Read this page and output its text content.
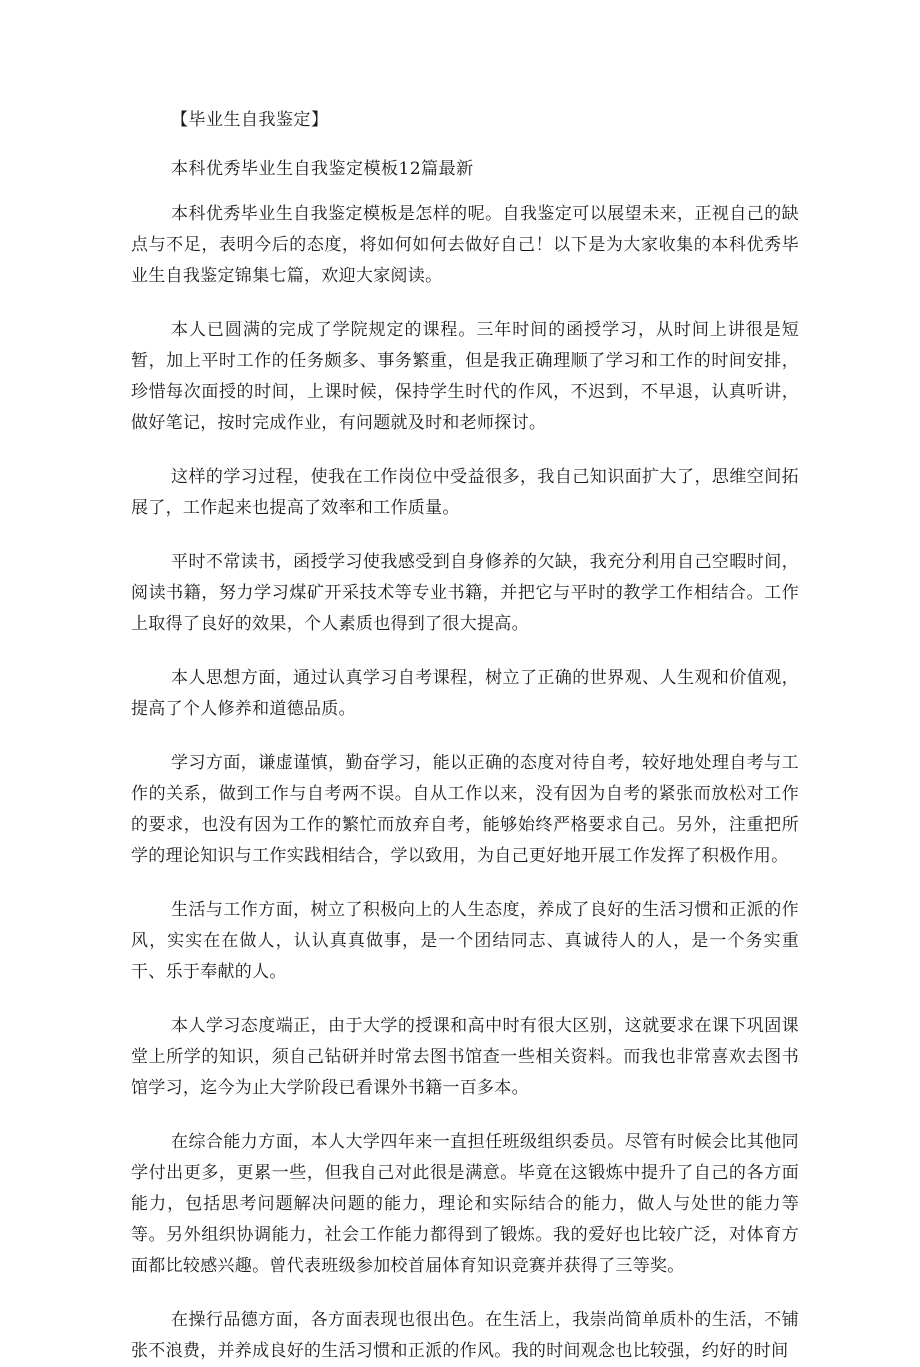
【毕业生自我鉴定】
本科优秀毕业生自我鉴定模板12篇最新

本科优秀毕业生自我鉴定模板是怎样的呢。自我鉴定可以展望未来，正视自己的缺点与不足，表明今后的态度，将如何如何去做好自己！以下是为大家收集的本科优秀毕业生自我鉴定锦集七篇，欢迎大家阅读。

本人已圆满的完成了学院规定的课程。三年时间的函授学习，从时间上讲很是短暂，加上平时工作的任务颇多、事务繁重，但是我正确理顺了学习和工作的时间安排，珍惜每次面授的时间，上课时候，保持学生时代的作风，不迟到，不早退，认真听讲，做好笔记，按时完成作业，有问题就及时和老师探讨。

这样的学习过程，使我在工作岗位中受益很多，我自己知识面扩大了，思维空间拓展了，工作起来也提高了效率和工作质量。

平时不常读书，函授学习使我感受到自身修养的欠缺，我充分利用自己空暇时间，阅读书籍，努力学习煤矿开采技术等专业书籍，并把它与平时的教学工作相结合。工作上取得了良好的效果，个人素质也得到了很大提高。

本人思想方面，通过认真学习自考课程，树立了正确的世界观、人生观和价值观，提高了个人修养和道德品质。

学习方面，谦虚谨慎，勤奋学习，能以正确的态度对待自考，较好地处理自考与工作的关系，做到工作与自考两不误。自从工作以来，没有因为自考的紧张而放松对工作的要求，也没有因为工作的繁忙而放弃自考，能够始终严格要求自己。另外，注重把所学的理论知识与工作实践相结合，学以致用，为自己更好地开展工作发挥了积极作用。

生活与工作方面，树立了积极向上的人生态度，养成了良好的生活习惯和正派的作风，实实在在做人，认认真真做事，是一个团结同志、真诚待人的人，是一个务实重干、乐于奉献的人。

本人学习态度端正，由于大学的授课和高中时有很大区别，这就要求在课下巩固课堂上所学的知识，须自己钻研并时常去图书馆查一些相关资料。而我也非常喜欢去图书馆学习，迄今为止大学阶段已看课外书籍一百多本。

在综合能力方面，本人大学四年来一直担任班级组织委员。尽管有时候会比其他同学付出更多，更累一些，但我自己对此很是满意。毕竟在这锻炼中提升了自己的各方面能力，包括思考问题解决问题的能力，理论和实际结合的能力，做人与处世的能力等等。另外组织协调能力，社会工作能力都得到了锻炼。我的爱好也比较广泛，对体育方面都比较感兴趣。曾代表班级参加校首届体育知识竞赛并获得了三等奖。

在操行品德方面，各方面表现也很出色。在生活上，我崇尚简单质朴的生活，不铺张不浪费，并养成良好的生活习惯和正派的作风。我的时间观念也比较强，约好的时间
